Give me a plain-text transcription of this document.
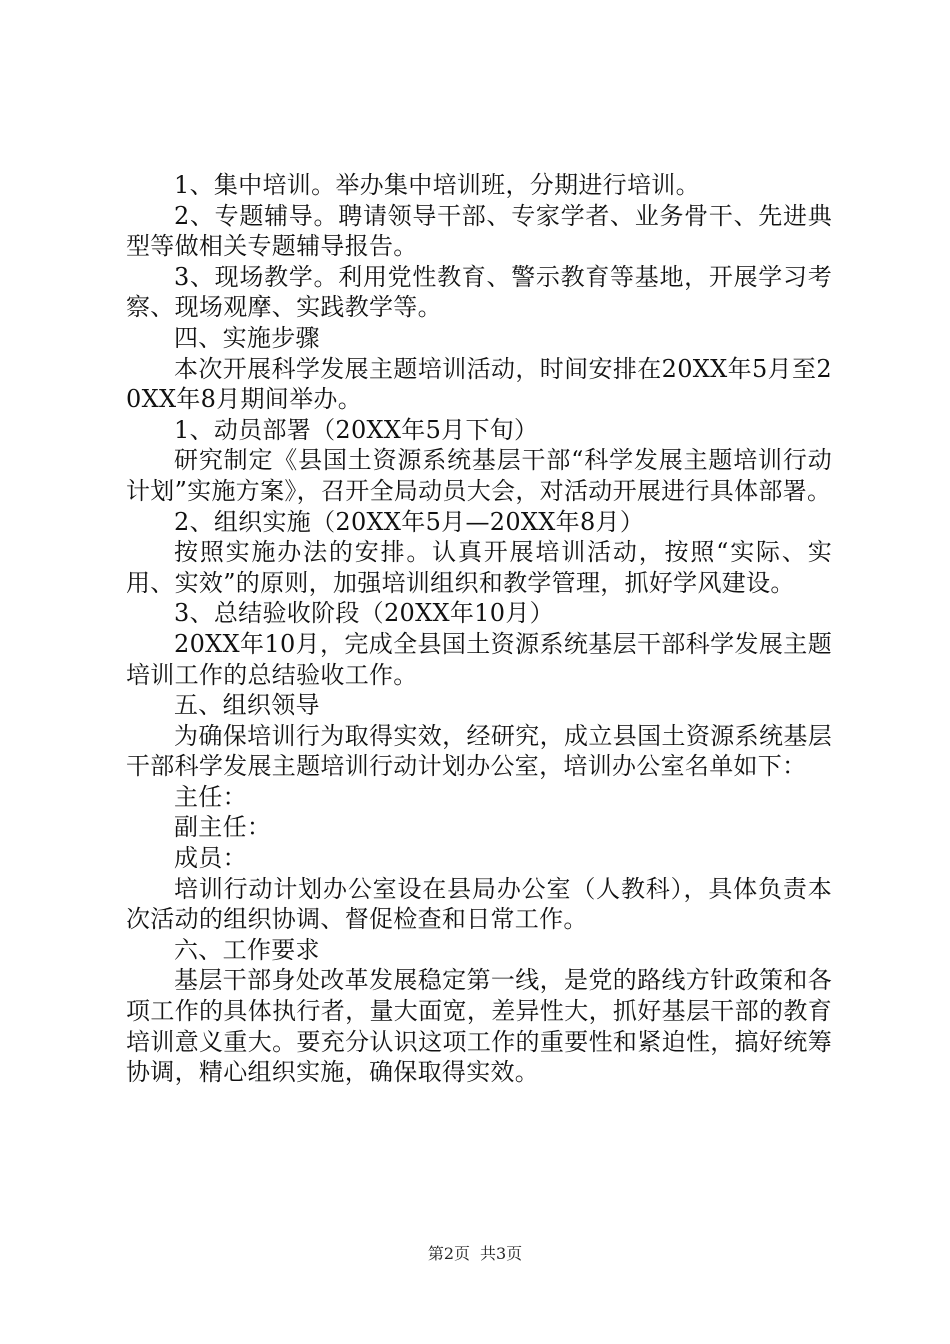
1、集中培训。举办集中培训班，分期进行培训。

2、专题辅导。聘请领导干部、专家学者、业务骨干、先进典型等做相关专题辅导报告。

3、现场教学。利用党性教育、警示教育等基地，开展学习考察、现场观摩、实践教学等。

四、实施步骤

本次开展科学发展主题培训活动，时间安排在20XX年5月至20XX年8月期间举办。

1、动员部署（20XX年5月下旬）

研究制定《县国土资源系统基层干部“科学发展主题培训行动计划”实施方案》，召开全局动员大会，对活动开展进行具体部署。

2、组织实施（20XX年5月—20XX年8月）

按照实施办法的安排。认真开展培训活动，按照“实际、实用、实效”的原则，加强培训组织和教学管理，抓好学风建设。

3、总结验收阶段（20XX年10月）

20XX年10月，完成全县国土资源系统基层干部科学发展主题培训工作的总结验收工作。

五、组织领导

为确保培训行为取得实效，经研究，成立县国土资源系统基层干部科学发展主题培训行动计划办公室，培训办公室名单如下：

主任：

副主任：

成员：

培训行动计划办公室设在县局办公室（人教科），具体负责本次活动的组织协调、督促检查和日常工作。

六、工作要求

基层干部身处改革发展稳定第一线，是党的路线方针政策和各项工作的具体执行者，量大面宽，差异性大，抓好基层干部的教育培训意义重大。要充分认识这项工作的重要性和紧迫性，搞好统筹协调，精心组织实施，确保取得实效。

第2页 共3页
